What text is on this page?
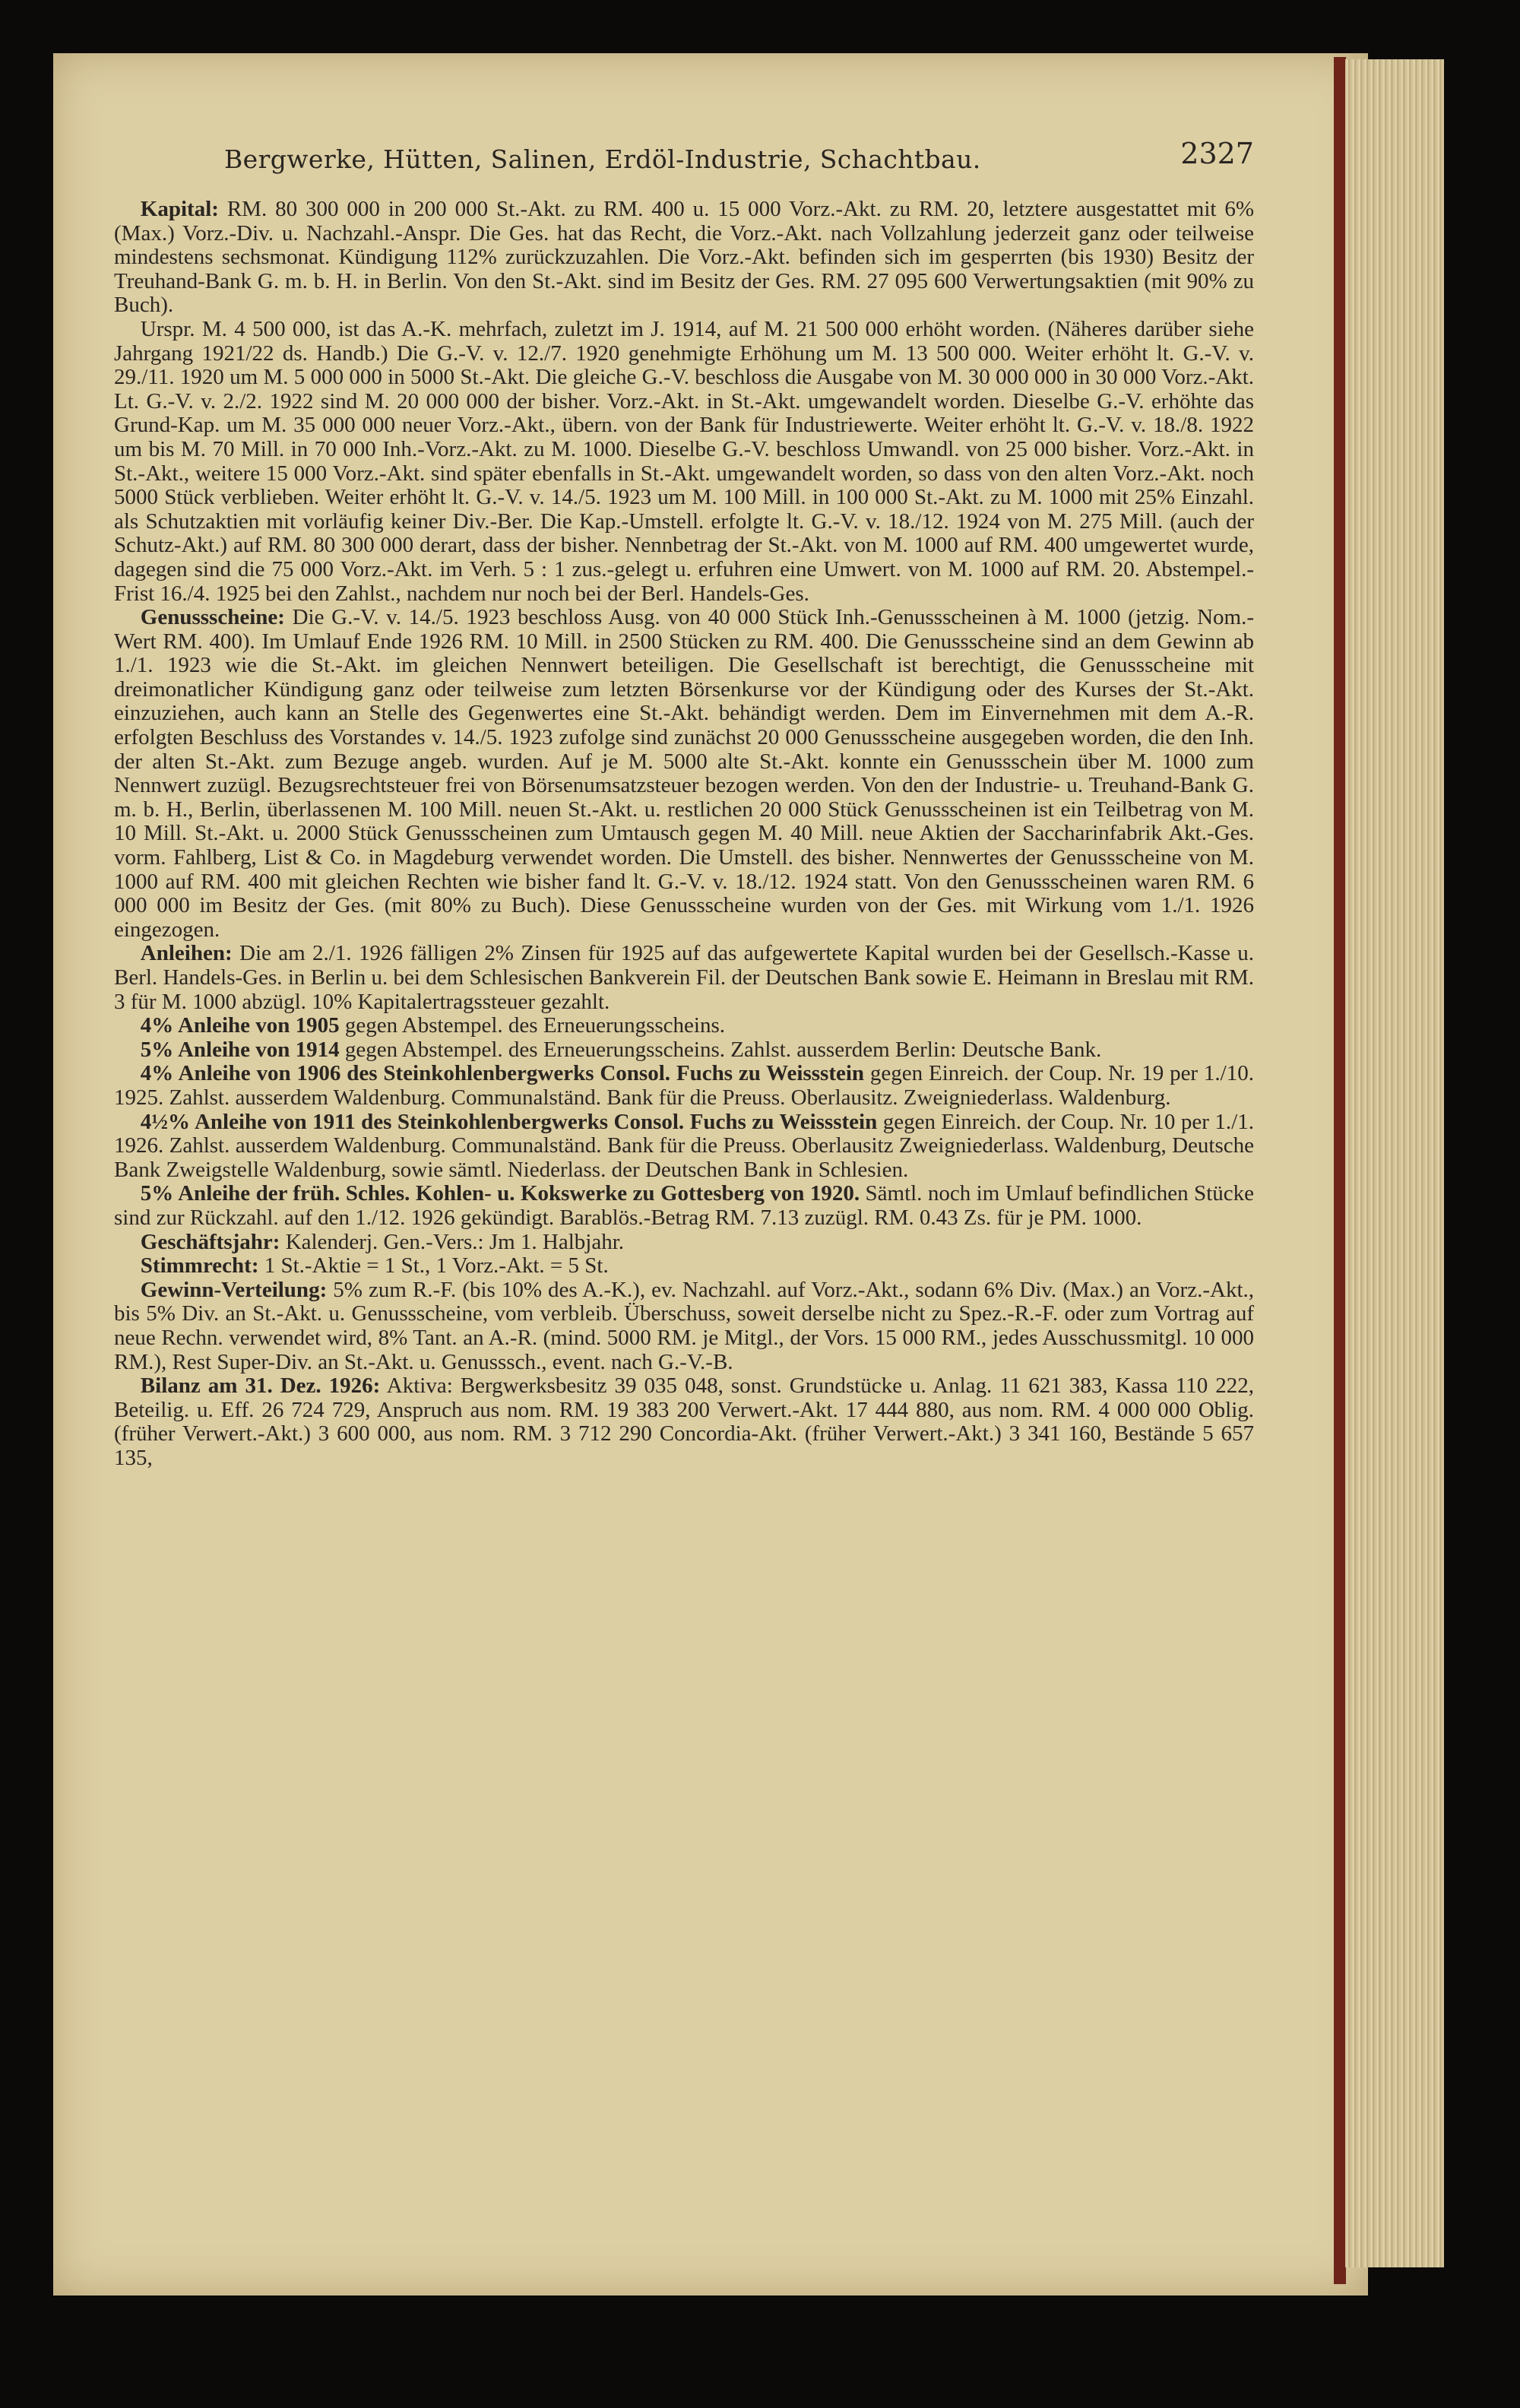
Bergwerke, Hütten, Salinen, Erdöl-Industrie, Schachtbau.	2327

Kapital: RM. 80 300 000 in 200 000 St.-Akt. zu RM. 400 u. 15 000 Vorz.-Akt. zu RM. 20, letztere ausgestattet mit 6% (Max.) Vorz.-Div. u. Nachzahl.-Anspr. Die Ges. hat das Recht, die Vorz.-Akt. nach Vollzahlung jederzeit ganz oder teilweise mindestens sechsmonat. Kündigung 112% zurückzuzahlen. Die Vorz.-Akt. befinden sich im gesperrten (bis 1930) Besitz der Treuhand-Bank G. m. b. H. in Berlin. Von den St.-Akt. sind im Besitz der Ges. RM. 27 095 600 Verwertungsaktien (mit 90% zu Buch).

Urspr. M. 4 500 000, ist das A.-K. mehrfach, zuletzt im J. 1914, auf M. 21 500 000 erhöht worden. (Näheres darüber siehe Jahrgang 1921/22 ds. Handb.) Die G.-V. v. 12./7. 1920 genehmigte Erhöhung um M. 13 500 000. Weiter erhöht lt. G.-V. v. 29./11. 1920 um M. 5 000 000 in 5000 St.-Akt. Die gleiche G.-V. beschloss die Ausgabe von M. 30 000 000 in 30 000 Vorz.-Akt. Lt. G.-V. v. 2./2. 1922 sind M. 20 000 000 der bisher. Vorz.-Akt. in St.-Akt. umgewandelt worden. Dieselbe G.-V. erhöhte das Grund-Kap. um M. 35 000 000 neuer Vorz.-Akt., übern. von der Bank für Industriewerte. Weiter erhöht lt. G.-V. v. 18./8. 1922 um bis M. 70 Mill. in 70 000 Inh.-Vorz.-Akt. zu M. 1000. Dieselbe G.-V. beschloss Umwandl. von 25 000 bisher. Vorz.-Akt. in St.-Akt., weitere 15 000 Vorz.-Akt. sind später ebenfalls in St.-Akt. umgewandelt worden, so dass von den alten Vorz.-Akt. noch 5000 Stück verblieben. Weiter erhöht lt. G.-V. v. 14./5. 1923 um M. 100 Mill. in 100 000 St.-Akt. zu M. 1000 mit 25% Einzahl. als Schutzaktien mit vorläufig keiner Div.-Ber. Die Kap.-Umstell. erfolgte lt. G.-V. v. 18./12. 1924 von M. 275 Mill. (auch der Schutz-Akt.) auf RM. 80 300 000 derart, dass der bisher. Nennbetrag der St.-Akt. von M. 1000 auf RM. 400 umgewertet wurde, dagegen sind die 75 000 Vorz.-Akt. im Verh. 5 : 1 zus.-gelegt u. erfuhren eine Umwert. von M. 1000 auf RM. 20. Abstempel.-Frist 16./4. 1925 bei den Zahlst., nachdem nur noch bei der Berl. Handels-Ges.

Genussscheine: Die G.-V. v. 14./5. 1923 beschloss Ausg. von 40 000 Stück Inh.-Genussscheinen à M. 1000 (jetzig. Nom.-Wert RM. 400). Im Umlauf Ende 1926 RM. 10 Mill. in 2500 Stücken zu RM. 400. Die Genussscheine sind an dem Gewinn ab 1./1. 1923 wie die St.-Akt. im gleichen Nennwert beteiligen. Die Gesellschaft ist berechtigt, die Genussscheine mit dreimonatlicher Kündigung ganz oder teilweise zum letzten Börsenkurse vor der Kündigung oder des Kurses der St.-Akt. einzuziehen, auch kann an Stelle des Gegenwertes eine St.-Akt. behändigt werden. Dem im Einvernehmen mit dem A.-R. erfolgten Beschluss des Vorstandes v. 14./5. 1923 zufolge sind zunächst 20 000 Genussscheine ausgegeben worden, die den Inh. der alten St.-Akt. zum Bezuge angeb. wurden. Auf je M. 5000 alte St.-Akt. konnte ein Genussschein über M. 1000 zum Nennwert zuzügl. Bezugsrechtsteuer frei von Börsenumsatzsteuer bezogen werden. Von den der Industrie- u. Treuhand-Bank G. m. b. H., Berlin, überlassenen M. 100 Mill. neuen St.-Akt. u. restlichen 20 000 Stück Genussscheinen ist ein Teilbetrag von M. 10 Mill. St.-Akt. u. 2000 Stück Genussscheinen zum Umtausch gegen M. 40 Mill. neue Aktien der Saccharinfabrik Akt.-Ges. vorm. Fahlberg, List & Co. in Magdeburg verwendet worden. Die Umstell. des bisher. Nennwertes der Genussscheine von M. 1000 auf RM. 400 mit gleichen Rechten wie bisher fand lt. G.-V. v. 18./12. 1924 statt. Von den Genussscheinen waren RM. 6 000 000 im Besitz der Ges. (mit 80% zu Buch). Diese Genussscheine wurden von der Ges. mit Wirkung vom 1./1. 1926 eingezogen.

Anleihen: Die am 2./1. 1926 fälligen 2% Zinsen für 1925 auf das aufgewertete Kapital wurden bei der Gesellsch.-Kasse u. Berl. Handels-Ges. in Berlin u. bei dem Schlesischen Bankverein Fil. der Deutschen Bank sowie E. Heimann in Breslau mit RM. 3 für M. 1000 abzügl. 10% Kapitalertragssteuer gezahlt.

4% Anleihe von 1905 gegen Abstempel. des Erneuerungsscheins.

5% Anleihe von 1914 gegen Abstempel. des Erneuerungsscheins. Zahlst. ausserdem Berlin: Deutsche Bank.

4% Anleihe von 1906 des Steinkohlenbergwerks Consol. Fuchs zu Weissstein gegen Einreich. der Coup. Nr. 19 per 1./10. 1925. Zahlst. ausserdem Waldenburg. Communalständ. Bank für die Preuss. Oberlausitz. Zweigniederlass. Waldenburg.

4½% Anleihe von 1911 des Steinkohlenbergwerks Consol. Fuchs zu Weissstein gegen Einreich. der Coup. Nr. 10 per 1./1. 1926. Zahlst. ausserdem Waldenburg. Communalständ. Bank für die Preuss. Oberlausitz Zweigniederlass. Waldenburg, Deutsche Bank Zweigstelle Waldenburg, sowie sämtl. Niederlass. der Deutschen Bank in Schlesien.

5% Anleihe der früh. Schles. Kohlen- u. Kokswerke zu Gottesberg von 1920. Sämtl. noch im Umlauf befindlichen Stücke sind zur Rückzahl. auf den 1./12. 1926 gekündigt. Barablös.-Betrag RM. 7.13 zuzügl. RM. 0.43 Zs. für je PM. 1000.

Geschäftsjahr: Kalenderj. Gen.-Vers.: Jm 1. Halbjahr.

Stimmrecht: 1 St.-Aktie = 1 St., 1 Vorz.-Akt. = 5 St.

Gewinn-Verteilung: 5% zum R.-F. (bis 10% des A.-K.), ev. Nachzahl. auf Vorz.-Akt., sodann 6% Div. (Max.) an Vorz.-Akt., bis 5% Div. an St.-Akt. u. Genussscheine, vom verbleib. Überschuss, soweit derselbe nicht zu Spez.-R.-F. oder zum Vortrag auf neue Rechn. verwendet wird, 8% Tant. an A.-R. (mind. 5000 RM. je Mitgl., der Vors. 15 000 RM., jedes Ausschussmitgl. 10 000 RM.), Rest Super-Div. an St.-Akt. u. Genusssch., event. nach G.-V.-B.

Bilanz am 31. Dez. 1926: Aktiva: Bergwerksbesitz 39 035 048, sonst. Grundstücke u. Anlag. 11 621 383, Kassa 110 222, Beteilig. u. Eff. 26 724 729, Anspruch aus nom. RM. 19 383 200 Verwert.-Akt. 17 444 880, aus nom. RM. 4 000 000 Oblig. (früher Verwert.-Akt.) 3 600 000, aus nom. RM. 3 712 290 Concordia-Akt. (früher Verwert.-Akt.) 3 341 160, Bestände 5 657 135,
